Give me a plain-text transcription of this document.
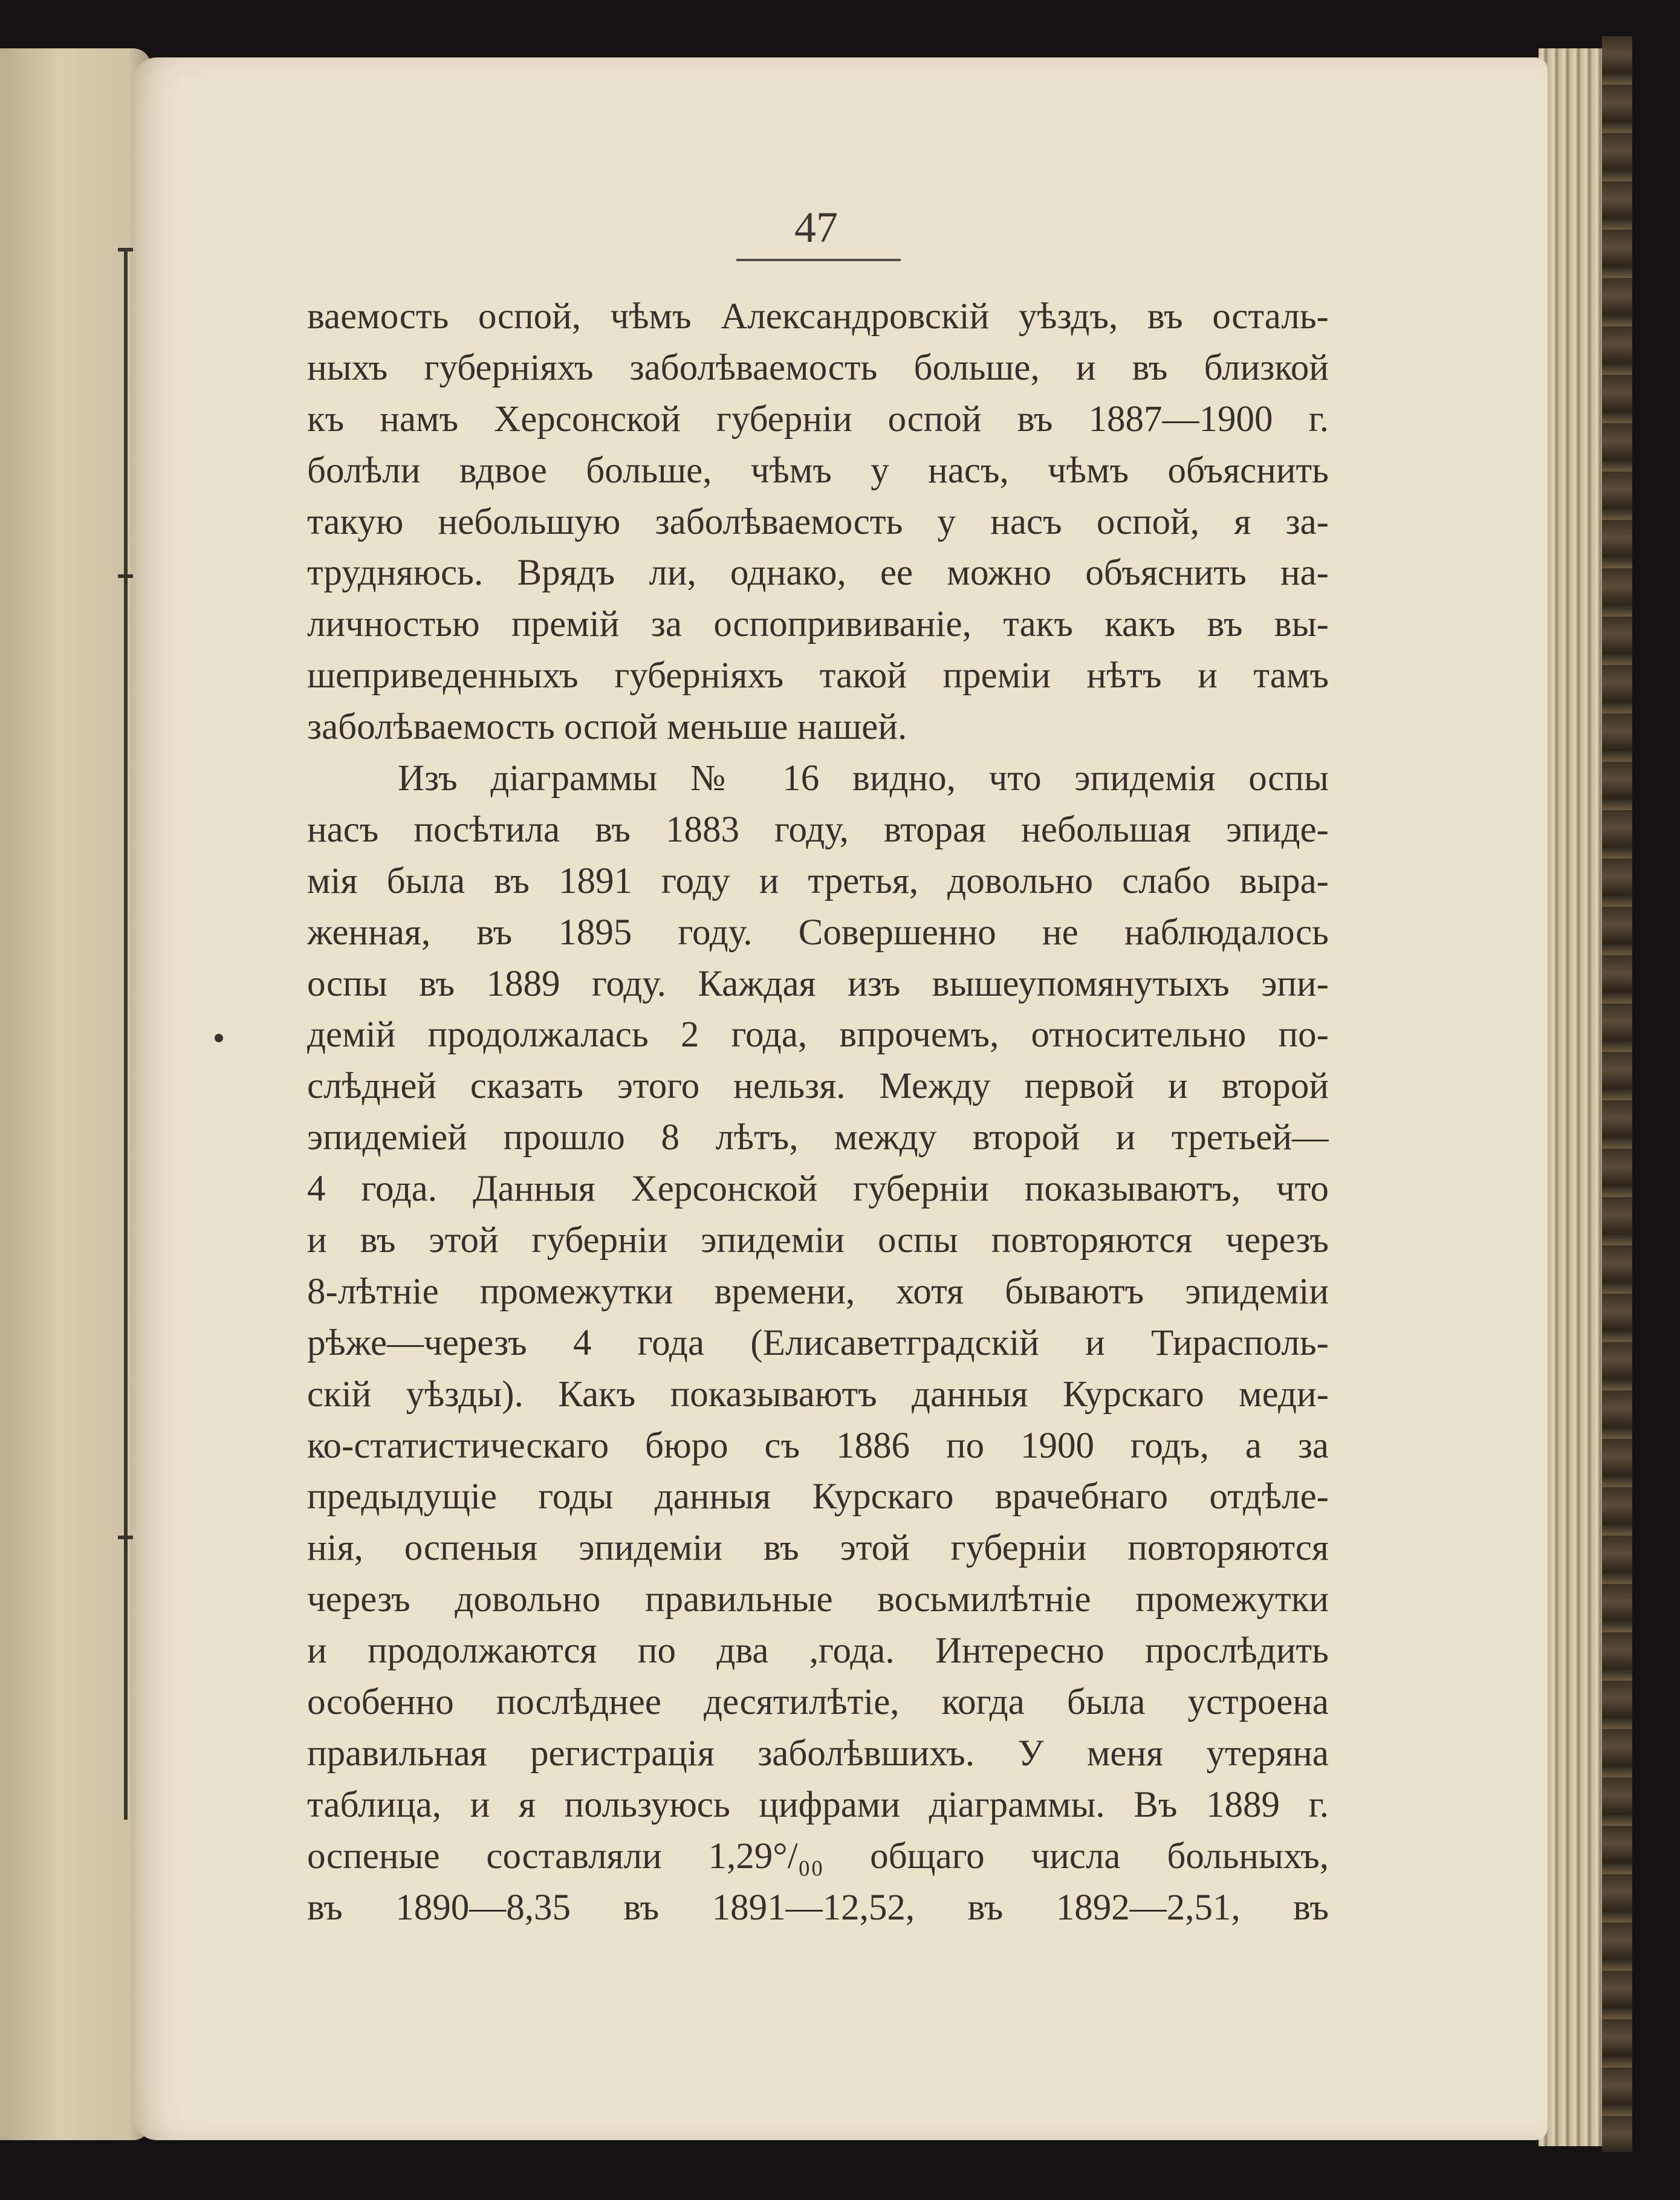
47
ваемость оспой, чѣмъ Александровскій уѣздъ, въ осталь-
ныхъ губерніяхъ заболѣваемость больше, и въ близкой
къ намъ Херсонской губерніи оспой въ 1887—1900 г.
болѣли вдвое больше, чѣмъ у насъ, чѣмъ объяснить
такую небольшую заболѣваемость у насъ оспой, я за-
трудняюсь. Врядъ ли, однако, ее можно объяснить на-
личностью премій за оспопрививаніе, такъ какъ въ вы-
шеприведенныхъ губерніяхъ такой преміи нѣтъ и тамъ
заболѣваемость оспой меньше нашей.
Изъ діаграммы № 16 видно, что эпидемія оспы
насъ посѣтила въ 1883 году, вторая небольшая эпиде-
мія была въ 1891 году и третья, довольно слабо выра-
женная, въ 1895 году. Совершенно не наблюдалось
оспы въ 1889 году. Каждая изъ вышеупомянутыхъ эпи-
демій продолжалась 2 года, впрочемъ, относительно по-
слѣдней сказать этого нельзя. Между первой и второй
эпидеміей прошло 8 лѣтъ, между второй и третьей—
4 года. Данныя Херсонской губерніи показываютъ, что
и въ этой губерніи эпидеміи оспы повторяются черезъ
8-лѣтніе промежутки времени, хотя бываютъ эпидеміи
рѣже—черезъ 4 года (Елисаветградскій и Тирасполь-
скій уѣзды). Какъ показываютъ данныя Курскаго меди-
ко-статистическаго бюро съ 1886 по 1900 годъ, а за
предыдущіе годы данныя Курскаго врачебнаго отдѣле-
нія, оспеныя эпидеміи въ этой губерніи повторяются
черезъ довольно правильные восьмилѣтніе промежутки
и продолжаются по два ,года. Интересно прослѣдить
особенно послѣднее десятилѣтіе, когда была устроена
правильная регистрація заболѣвшихъ. У меня утеряна
таблица, и я пользуюсь цифрами діаграммы. Въ 1889 г.
оспеные составляли 1,29°/₀₀ общаго числа больныхъ,
въ 1890—8,35 въ 1891—12,52, въ 1892—2,51, въ
